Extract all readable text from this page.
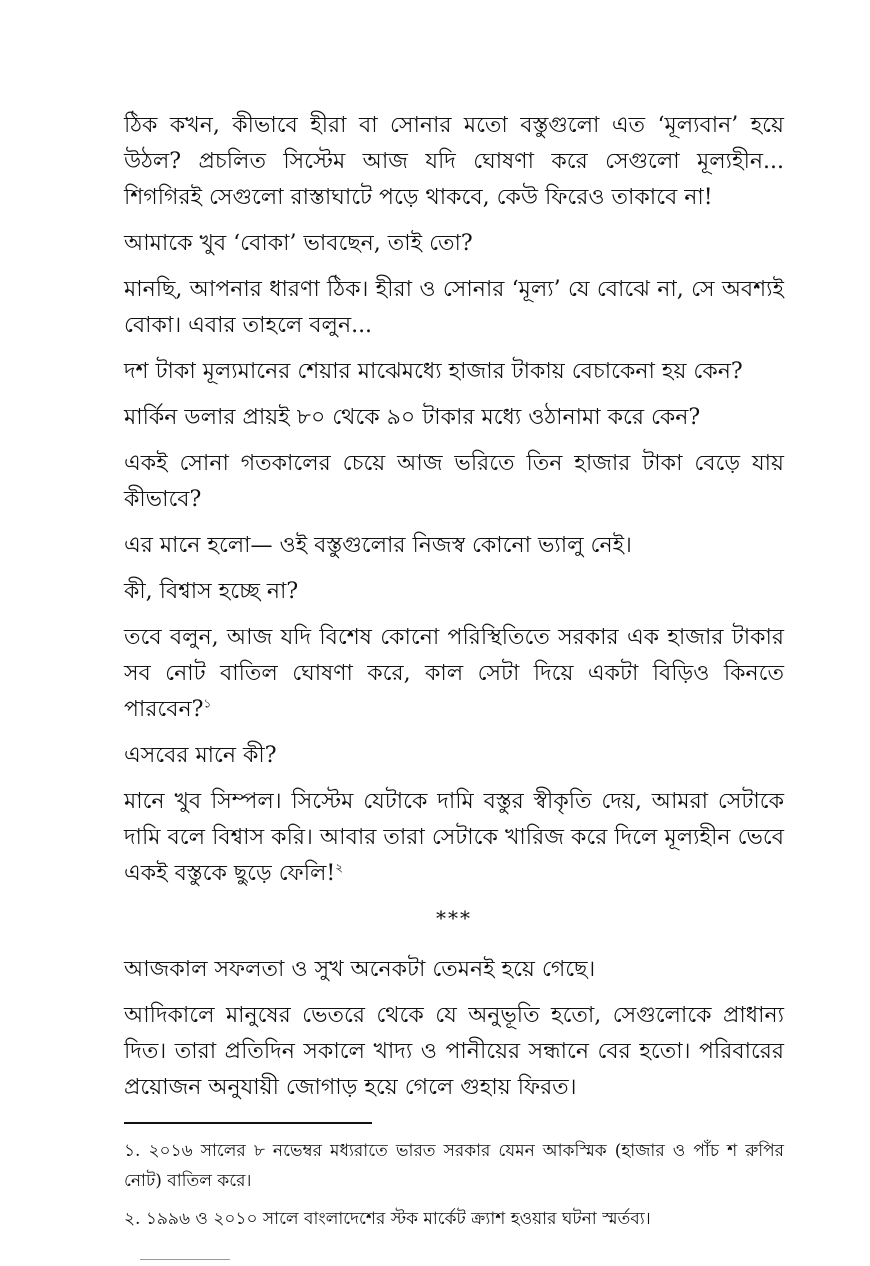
ঠিক কখন, কীভাবে হীরা বা সোনার মতো বস্তুগুলো এত ‘মূল্যবান’ হয়ে উঠল? প্রচলিত সিস্টেম আজ যদি ঘোষণা করে সেগুলো মূল্যহীন... শিগগিরই সেগুলো রাস্তাঘাটে পড়ে থাকবে, কেউ ফিরেও তাকাবে না!

আমাকে খুব ‘বোকা’ ভাবছেন, তাই তো?

মানছি, আপনার ধারণা ঠিক। হীরা ও সোনার ‘মূল্য’ যে বোঝে না, সে অবশ্যই বোকা। এবার তাহলে বলুন...

দশ টাকা মূল্যমানের শেয়ার মাঝেমধ্যে হাজার টাকায় বেচাকেনা হয় কেন?

মার্কিন ডলার প্রায়ই ৮০ থেকে ৯০ টাকার মধ্যে ওঠানামা করে কেন?

একই সোনা গতকালের চেয়ে আজ ভরিতে তিন হাজার টাকা বেড়ে যায় কীভাবে?

এর মানে হলো— ওই বস্তুগুলোর নিজস্ব কোনো ভ্যালু নেই।

কী, বিশ্বাস হচ্ছে না?

তবে বলুন, আজ যদি বিশেষ কোনো পরিস্থিতিতে সরকার এক হাজার টাকার সব নোট বাতিল ঘোষণা করে, কাল সেটা দিয়ে একটা বিড়িও কিনতে পারবেন?$^১$

এসবের মানে কী?

মানে খুব সিম্পল। সিস্টেম যেটাকে দামি বস্তুর স্বীকৃতি দেয়, আমরা সেটাকে দামি বলে বিশ্বাস করি। আবার তারা সেটাকে খারিজ করে দিলে মূল্যহীন ভেবে একই বস্তুকে ছুড়ে ফেলি!$^২$

***

আজকাল সফলতা ও সুখ অনেকটা তেমনই হয়ে গেছে।

আদিকালে মানুষের ভেতরে থেকে যে অনুভূতি হতো, সেগুলোকে প্রাধান্য দিত। তারা প্রতিদিন সকালে খাদ্য ও পানীয়ের সন্ধানে বের হতো। পরিবারের প্রয়োজন অনুযায়ী জোগাড় হয়ে গেলে গুহায় ফিরত।

১. ২০১৬ সালের ৮ নভেম্বর মধ্যরাতে ভারত সরকার যেমন আকস্মিক (হাজার ও পাঁচ শ রুপির নোট) বাতিল করে।

২. ১৯৯৬ ও ২০১০ সালে বাংলাদেশের স্টক মার্কেট ক্র্যাশ হওয়ার ঘটনা স্মর্তব্য।
